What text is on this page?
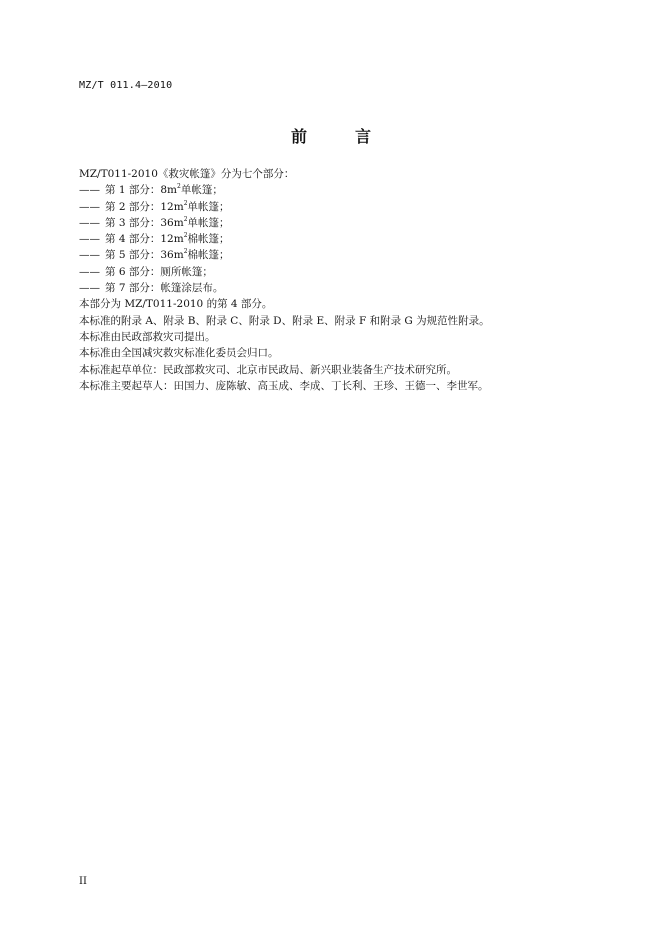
MZ/T 011.4—2010
前	言
MZ/T011-2010《救灾帐篷》分为七个部分：
—— 第 1 部分：$8m^2$单帐篷；
—— 第 2 部分：$12m^2$单帐篷；
—— 第 3 部分：$36m^2$单帐篷；
—— 第 4 部分：$12m^2$棉帐篷；
—— 第 5 部分：$36m^2$棉帐篷；
—— 第 6 部分：厕所帐篷；
—— 第 7 部分：帐篷涂层布。
本部分为 MZ/T011-2010 的第 4 部分。
本标准的附录 A、附录 B、附录 C、附录 D、附录 E、附录 F 和附录 G 为规范性附录。
本标准由民政部救灾司提出。
本标准由全国减灾救灾标准化委员会归口。
本标准起草单位：民政部救灾司、北京市民政局、新兴职业装备生产技术研究所。
本标准主要起草人：田国力、庞陈敏、高玉成、李成、丁长利、王珍、王德一、李世军。
II
